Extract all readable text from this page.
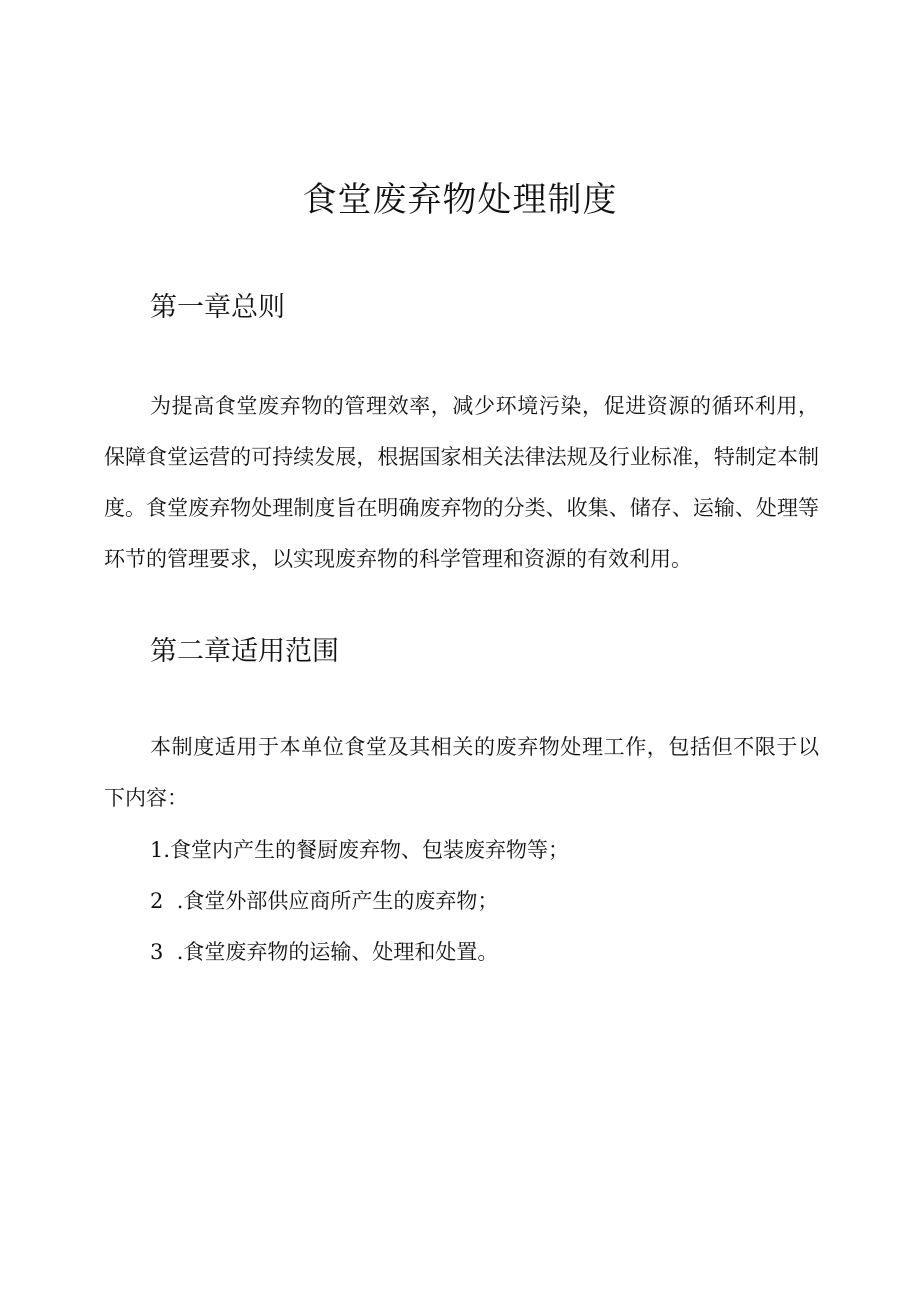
食堂废弃物处理制度
第一章总则

为提高食堂废弃物的管理效率，减少环境污染，促进资源的循环利用，保障食堂运营的可持续发展，根据国家相关法律法规及行业标准，特制定本制度。食堂废弃物处理制度旨在明确废弃物的分类、收集、储存、运输、处理等环节的管理要求，以实现废弃物的科学管理和资源的有效利用。

第二章适用范围

本制度适用于本单位食堂及其相关的废弃物处理工作，包括但不限于以下内容：

1.食堂内产生的餐厨废弃物、包装废弃物等；

2  .食堂外部供应商所产生的废弃物；

3  .食堂废弃物的运输、处理和处置。
